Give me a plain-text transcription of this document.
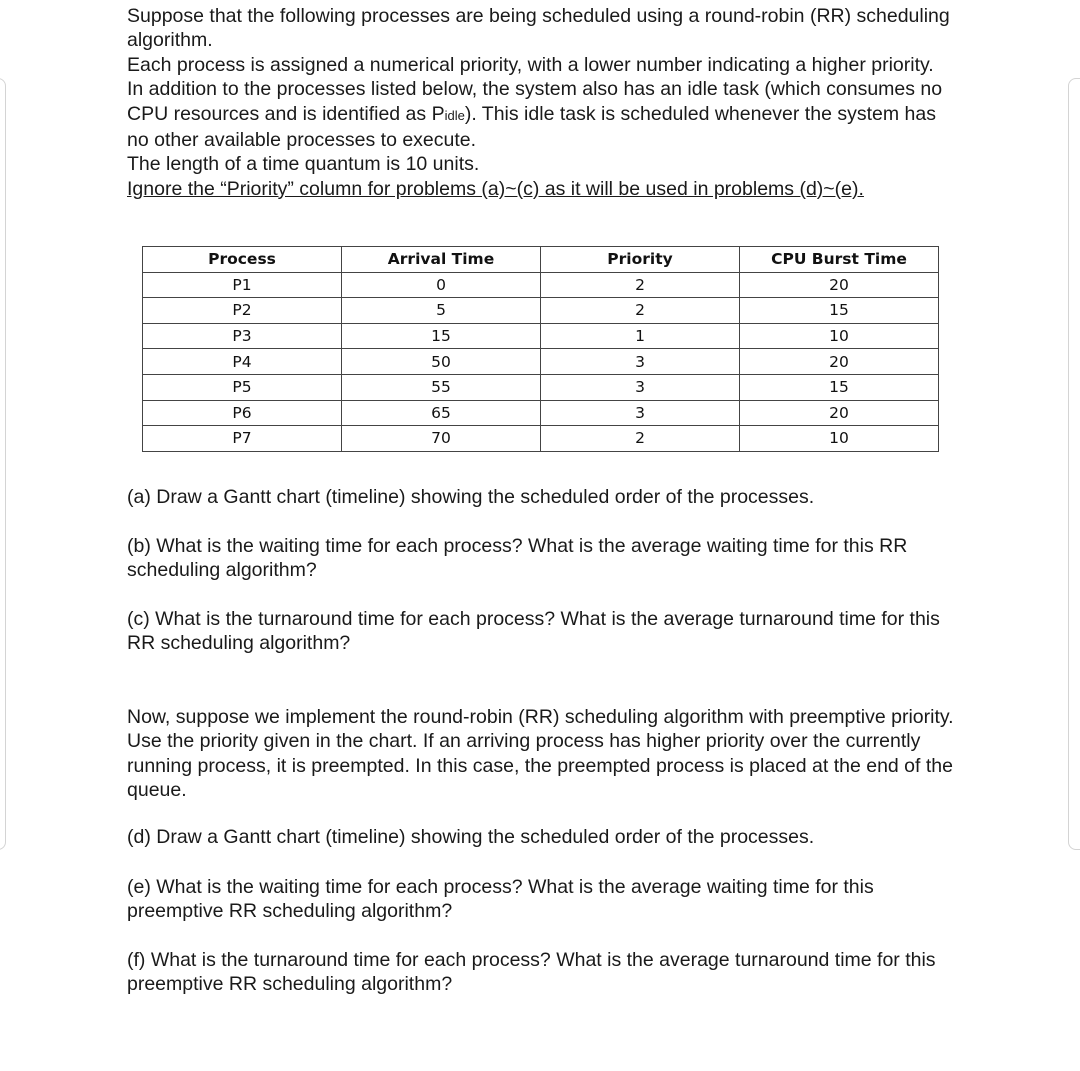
Suppose that the following processes are being scheduled using a round-robin (RR) scheduling algorithm.

Each process is assigned a numerical priority, with a lower number indicating a higher priority.

In addition to the processes listed below, the system also has an idle task (which consumes no CPU resources and is identified as Pidle). This idle task is scheduled whenever the system has no other available processes to execute.

The length of a time quantum is 10 units.

Ignore the “Priority” column for problems (a)~(c) as it will be used in problems (d)~(e).

Process	Arrival Time	Priority	CPU Burst Time
P1	0	2	20
P2	5	2	15
P3	15	1	10
P4	50	3	20
P5	55	3	15
P6	65	3	20
P7	70	2	10

(a) Draw a Gantt chart (timeline) showing the scheduled order of the processes.

(b) What is the waiting time for each process? What is the average waiting time for this RR scheduling algorithm?

(c) What is the turnaround time for each process? What is the average turnaround time for this RR scheduling algorithm?

Now, suppose we implement the round-robin (RR) scheduling algorithm with preemptive priority. Use the priority given in the chart. If an arriving process has higher priority over the currently running process, it is preempted. In this case, the preempted process is placed at the end of the queue.

(d) Draw a Gantt chart (timeline) showing the scheduled order of the processes.

(e) What is the waiting time for each process? What is the average waiting time for this preemptive RR scheduling algorithm?

(f) What is the turnaround time for each process? What is the average turnaround time for this preemptive RR scheduling algorithm?
